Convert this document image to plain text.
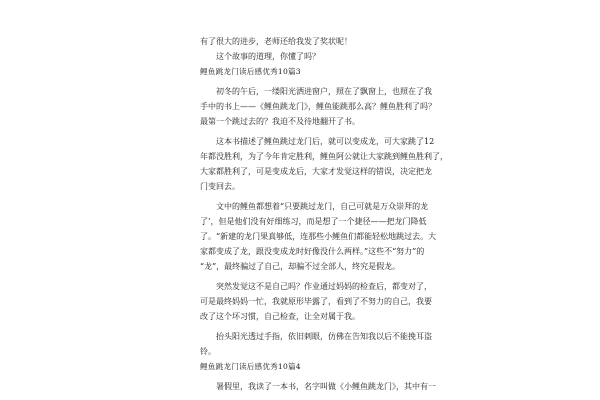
有了很大的进步，老师还给我发了奖状呢！
这个故事的道理，你懂了吗？
鲤鱼跳龙门读后感优秀10篇3
初冬的午后，一缕阳光洒进窗户，照在了飘窗上，也照在了我
手中的书上——《鲤鱼跳龙门》，鲤鱼能跳那么高？鲤鱼胜利了吗？
最第一个跳过去的？我迫不及待地翻开了书。
这本书描述了鲤鱼跳过龙门后，就可以变成龙，可大家跳了12
年都没胜利，为了今年肯定胜利，鲤鱼阿公就让大家跳到鲤鱼胜利了，
大家都胜利了，可是变成龙后，大家才发觉这样的错误，决定把龙
门变回去。
文中的鲤鱼都想着“只要跳过龙门，自己可就是万众崇拜的龙
了’，但是他们没有好细练习，而是想了一个捷径——把龙门降低
了。“新建的龙门果真够低，连那些小鲤鱼们都能轻松地跳过去。大
家都变成了龙，跟没变成龙时好像没什么两样。”这些不“努力”的
“龙”，最终骗过了自己，却骗不过全部人，终究是假龙。
突然发觉这不是自己吗？作业通过妈妈的检查后，都变对了，
可是最终妈妈一忙，我就原形毕露了，看到了不努力的自己，我要
改了这个坏习惯，自己检查，让全对属于我。
抬头阳光透过手指，依旧刺眼，仿佛在告知我以后不能挽耳盗
铃。
鲤鱼跳龙门读后感优秀10篇4
暑假里，我读了一本书，名字叫做《小鲤鱼跳龙门》，其中有一
